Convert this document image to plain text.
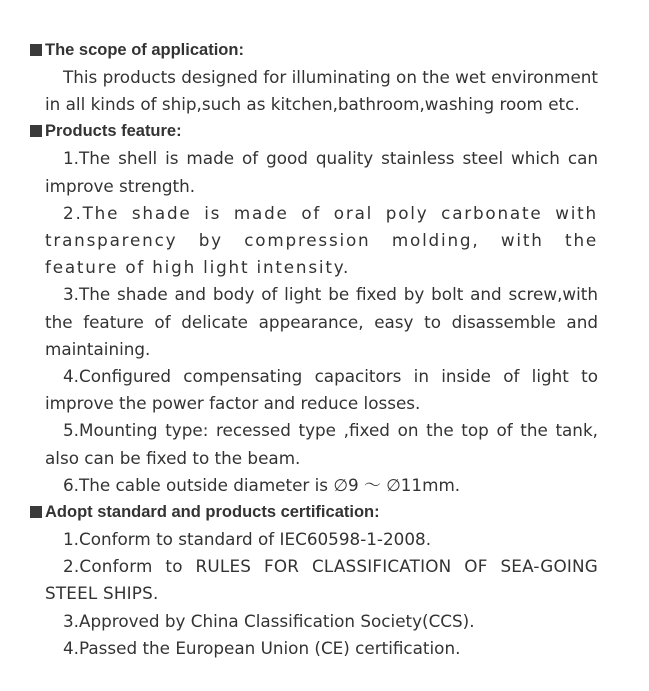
The scope of application:

This products designed for illuminating on the wet environment in all kinds of ship,such as kitchen,bathroom,washing room etc.

Products feature:

1.The shell is made of good quality stainless steel which can improve strength.

2.The shade is made of oral poly carbonate with transparency by compression molding, with the feature of high light intensity.

3.The shade and body of light be fixed by bolt and screw,with the feature of delicate appearance, easy to disassemble and maintaining.

4.Configured compensating capacitors in inside of light to improve the power factor and reduce losses.

5.Mounting type: recessed type ,fixed on the top of the tank, also can be fixed to the beam.

6.The cable outside diameter is ∅9 ～ ∅11mm.

Adopt standard and products certification:

1.Conform to standard of IEC60598-1-2008.

2.Conform to RULES FOR CLASSIFICATION OF SEA-GOING STEEL SHIPS.

3.Approved by China Classification Society(CCS).

4.Passed the European Union (CE) certification.
